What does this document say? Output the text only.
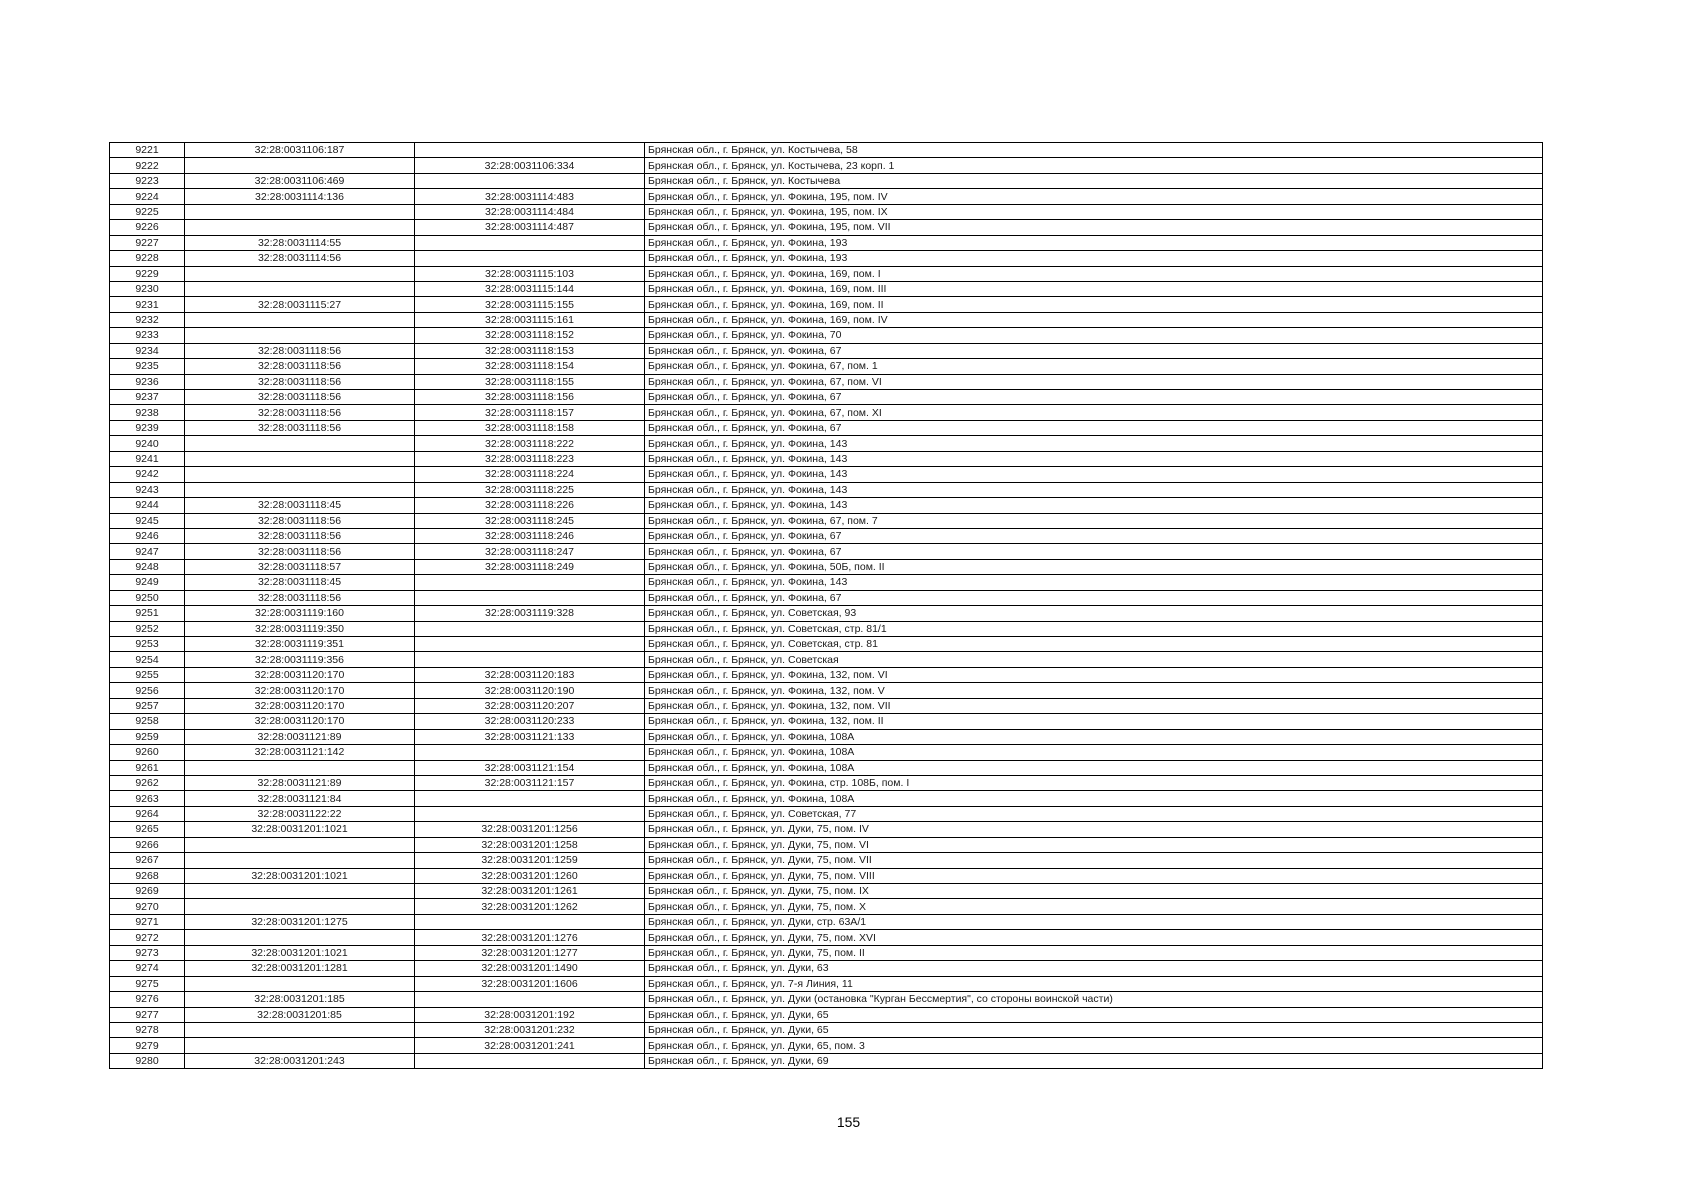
9221	32:28:0031106:187		Брянская обл., г. Брянск, ул. Костычева, 58
9222		32:28:0031106:334	Брянская обл., г. Брянск, ул. Костычева, 23 корп. 1
9223	32:28:0031106:469		Брянская обл., г. Брянск, ул. Костычева
9224	32:28:0031114:136	32:28:0031114:483	Брянская обл., г. Брянск, ул. Фокина, 195, пом. IV
9225		32:28:0031114:484	Брянская обл., г. Брянск, ул. Фокина, 195, пом. IX
9226		32:28:0031114:487	Брянская обл., г. Брянск, ул. Фокина, 195, пом. VII
9227	32:28:0031114:55		Брянская обл., г. Брянск, ул. Фокина, 193
9228	32:28:0031114:56		Брянская обл., г. Брянск, ул. Фокина, 193
9229		32:28:0031115:103	Брянская обл., г. Брянск, ул. Фокина, 169, пом. I
9230		32:28:0031115:144	Брянская обл., г. Брянск, ул. Фокина, 169, пом. III
9231	32:28:0031115:27	32:28:0031115:155	Брянская обл., г. Брянск, ул. Фокина, 169, пом. II
9232		32:28:0031115:161	Брянская обл., г. Брянск, ул. Фокина, 169, пом. IV
9233		32:28:0031118:152	Брянская обл., г. Брянск, ул. Фокина, 70
9234	32:28:0031118:56	32:28:0031118:153	Брянская обл., г. Брянск, ул. Фокина, 67
9235	32:28:0031118:56	32:28:0031118:154	Брянская обл., г. Брянск, ул. Фокина, 67, пом. 1
9236	32:28:0031118:56	32:28:0031118:155	Брянская обл., г. Брянск, ул. Фокина, 67, пом. VI
9237	32:28:0031118:56	32:28:0031118:156	Брянская обл., г. Брянск, ул. Фокина, 67
9238	32:28:0031118:56	32:28:0031118:157	Брянская обл., г. Брянск, ул. Фокина, 67, пом. XI
9239	32:28:0031118:56	32:28:0031118:158	Брянская обл., г. Брянск, ул. Фокина, 67
9240		32:28:0031118:222	Брянская обл., г. Брянск, ул. Фокина, 143
9241		32:28:0031118:223	Брянская обл., г. Брянск, ул. Фокина, 143
9242		32:28:0031118:224	Брянская обл., г. Брянск, ул. Фокина, 143
9243		32:28:0031118:225	Брянская обл., г. Брянск, ул. Фокина, 143
9244	32:28:0031118:45	32:28:0031118:226	Брянская обл., г. Брянск, ул. Фокина, 143
9245	32:28:0031118:56	32:28:0031118:245	Брянская обл., г. Брянск, ул. Фокина, 67, пом. 7
9246	32:28:0031118:56	32:28:0031118:246	Брянская обл., г. Брянск, ул. Фокина, 67
9247	32:28:0031118:56	32:28:0031118:247	Брянская обл., г. Брянск, ул. Фокина, 67
9248	32:28:0031118:57	32:28:0031118:249	Брянская обл., г. Брянск, ул. Фокина, 50Б, пом. II
9249	32:28:0031118:45		Брянская обл., г. Брянск, ул. Фокина, 143
9250	32:28:0031118:56		Брянская обл., г. Брянск, ул. Фокина, 67
9251	32:28:0031119:160	32:28:0031119:328	Брянская обл., г. Брянск, ул. Советская, 93
9252	32:28:0031119:350		Брянская обл., г. Брянск, ул. Советская, стр. 81/1
9253	32:28:0031119:351		Брянская обл., г. Брянск, ул. Советская, стр. 81
9254	32:28:0031119:356		Брянская обл., г. Брянск, ул. Советская
9255	32:28:0031120:170	32:28:0031120:183	Брянская обл., г. Брянск, ул. Фокина, 132, пом. VI
9256	32:28:0031120:170	32:28:0031120:190	Брянская обл., г. Брянск, ул. Фокина, 132, пом. V
9257	32:28:0031120:170	32:28:0031120:207	Брянская обл., г. Брянск, ул. Фокина, 132, пом. VII
9258	32:28:0031120:170	32:28:0031120:233	Брянская обл., г. Брянск, ул. Фокина, 132, пом. II
9259	32:28:0031121:89	32:28:0031121:133	Брянская обл., г. Брянск, ул. Фокина, 108А
9260	32:28:0031121:142		Брянская обл., г. Брянск, ул. Фокина, 108А
9261		32:28:0031121:154	Брянская обл., г. Брянск, ул. Фокина, 108А
9262	32:28:0031121:89	32:28:0031121:157	Брянская обл., г. Брянск, ул. Фокина, стр. 108Б, пом. I
9263	32:28:0031121:84		Брянская обл., г. Брянск, ул. Фокина, 108А
9264	32:28:0031122:22		Брянская обл., г. Брянск, ул. Советская, 77
9265	32:28:0031201:1021	32:28:0031201:1256	Брянская обл., г. Брянск, ул. Дуки, 75, пом. IV
9266		32:28:0031201:1258	Брянская обл., г. Брянск, ул. Дуки, 75, пом. VI
9267		32:28:0031201:1259	Брянская обл., г. Брянск, ул. Дуки, 75, пом. VII
9268	32:28:0031201:1021	32:28:0031201:1260	Брянская обл., г. Брянск, ул. Дуки, 75, пом. VIII
9269		32:28:0031201:1261	Брянская обл., г. Брянск, ул. Дуки, 75, пом. IX
9270		32:28:0031201:1262	Брянская обл., г. Брянск, ул. Дуки, 75, пом. X
9271	32:28:0031201:1275		Брянская обл., г. Брянск, ул. Дуки, стр. 63А/1
9272		32:28:0031201:1276	Брянская обл., г. Брянск, ул. Дуки, 75, пом. XVI
9273	32:28:0031201:1021	32:28:0031201:1277	Брянская обл., г. Брянск, ул. Дуки, 75, пом. II
9274	32:28:0031201:1281	32:28:0031201:1490	Брянская обл., г. Брянск, ул. Дуки, 63
9275		32:28:0031201:1606	Брянская обл., г. Брянск, ул. 7-я Линия, 11
9276	32:28:0031201:185		Брянская обл., г. Брянск, ул. Дуки (остановка "Курган Бессмертия", со стороны воинской части)
9277	32:28:0031201:85	32:28:0031201:192	Брянская обл., г. Брянск, ул. Дуки, 65
9278		32:28:0031201:232	Брянская обл., г. Брянск, ул. Дуки, 65
9279		32:28:0031201:241	Брянская обл., г. Брянск, ул. Дуки, 65, пом. 3
9280	32:28:0031201:243		Брянская обл., г. Брянск, ул. Дуки, 69
155
